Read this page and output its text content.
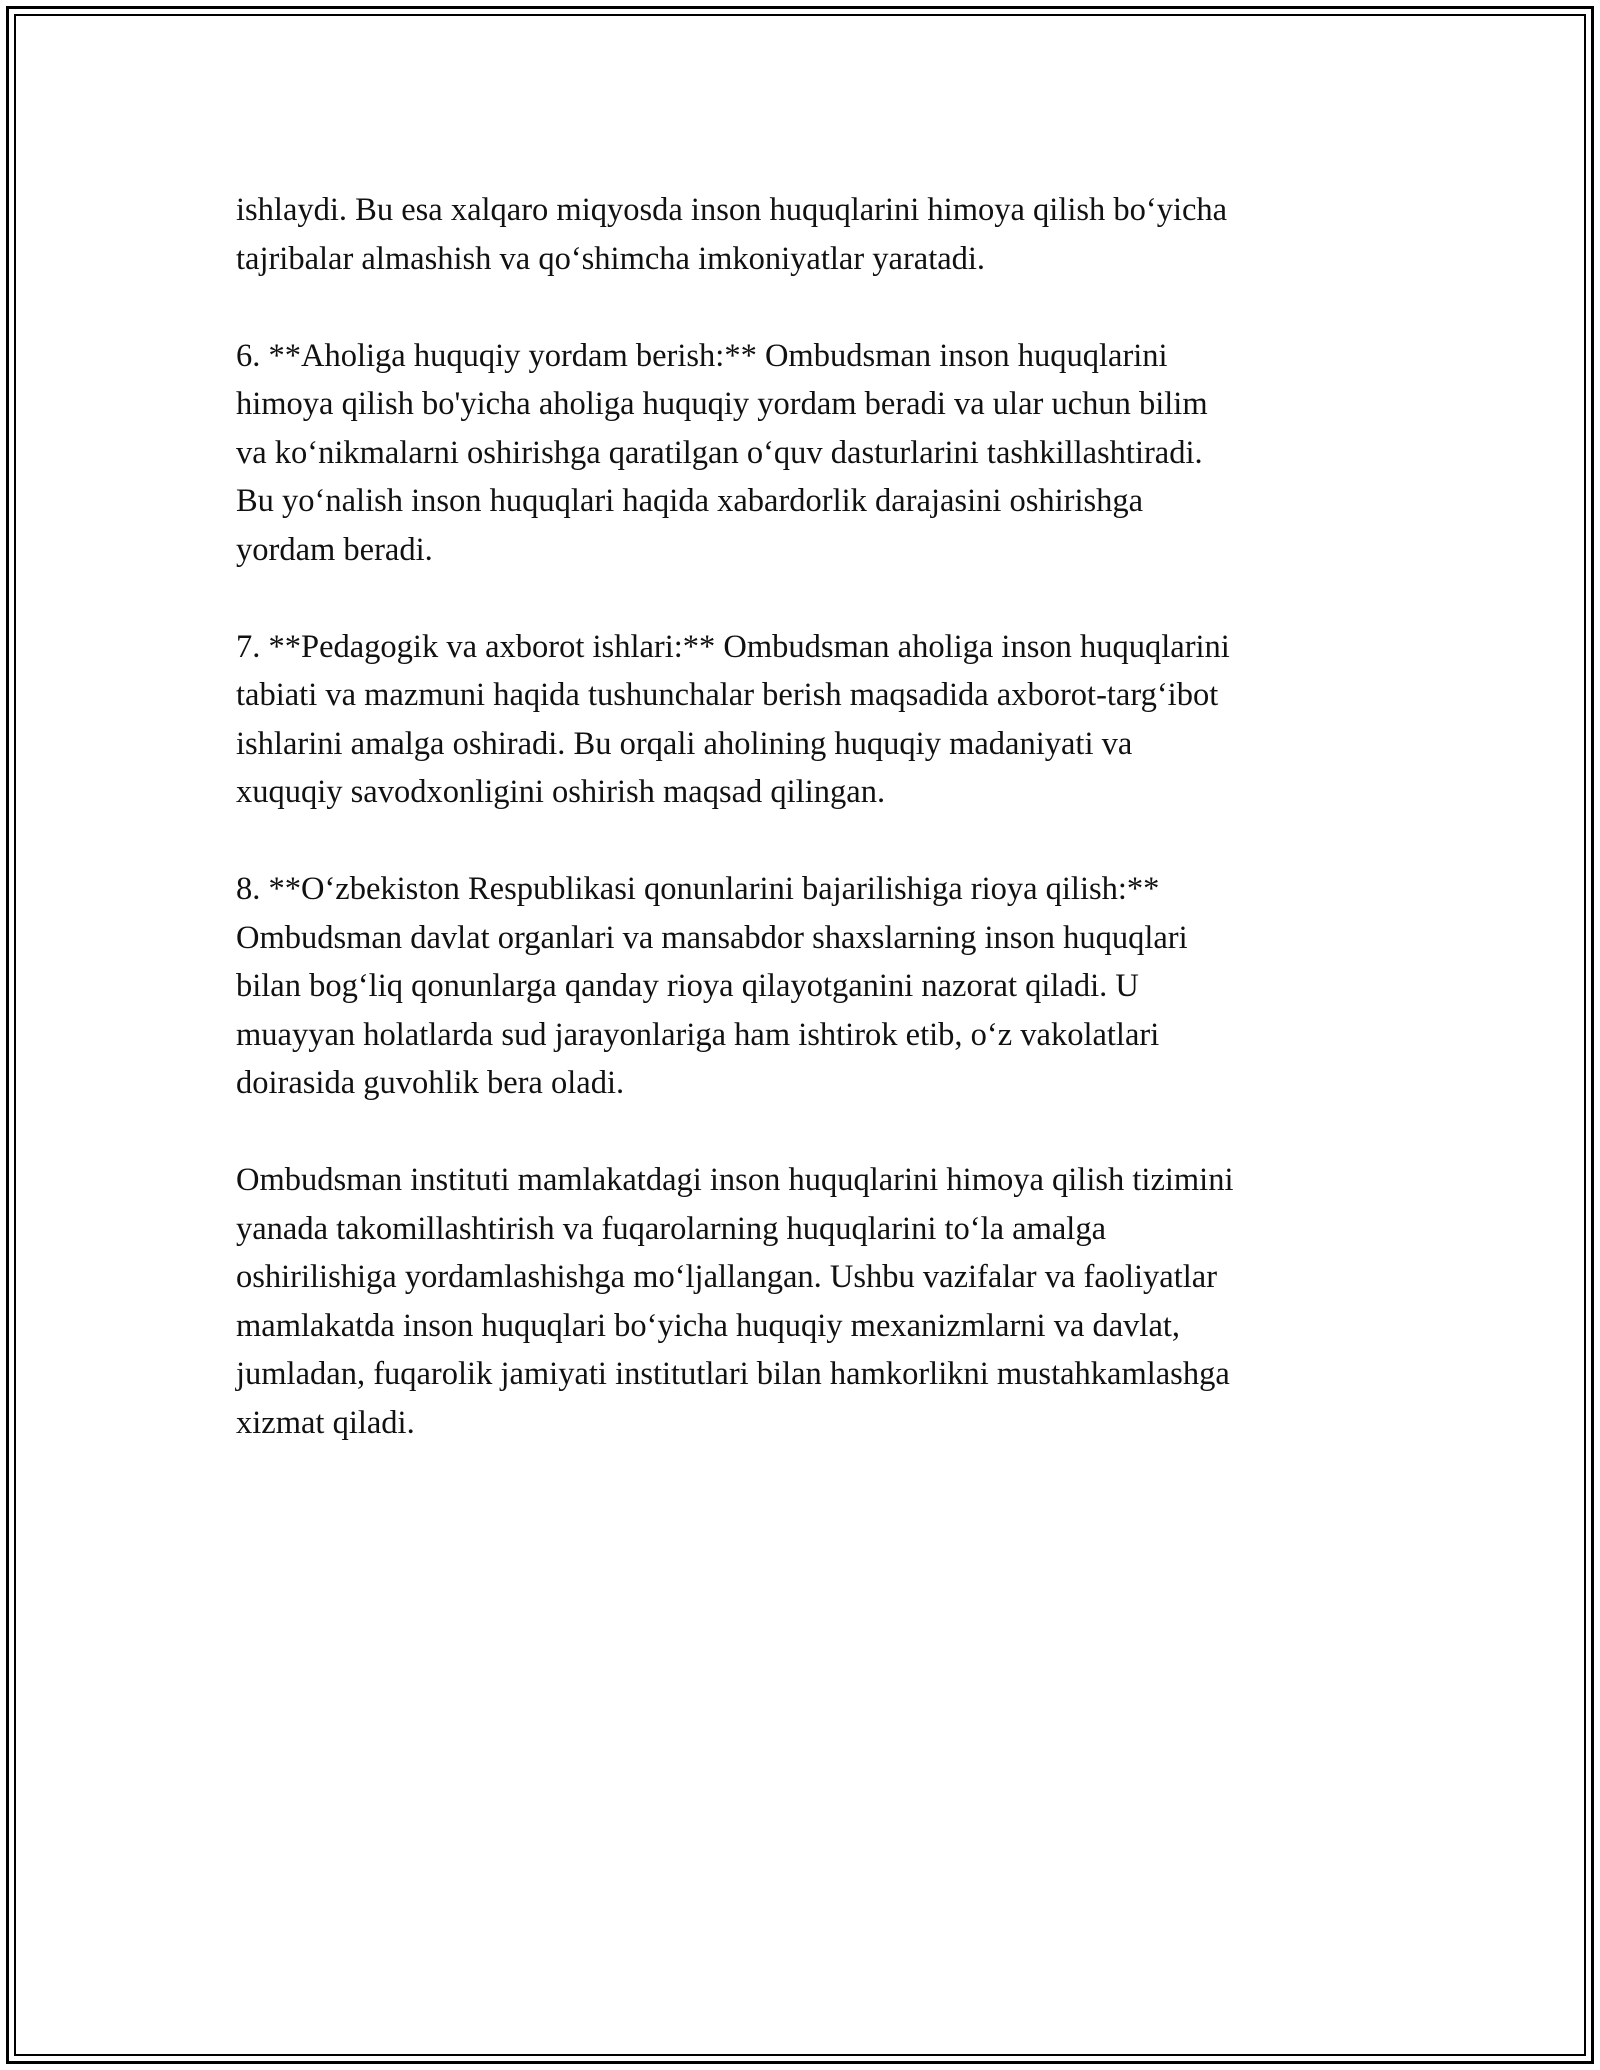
ishlaydi. Bu esa xalqaro miqyosda inson huquqlarini himoya qilish bo‘yicha
tajribalar almashish va qo‘shimcha imkoniyatlar yaratadi.

6. **Aholiga huquqiy yordam berish:** Ombudsman inson huquqlarini
himoya qilish bo'yicha aholiga huquqiy yordam beradi va ular uchun bilim
va ko‘nikmalarni oshirishga qaratilgan o‘quv dasturlarini tashkillashtiradi.
Bu yo‘nalish inson huquqlari haqida xabardorlik darajasini oshirishga
yordam beradi.

7. **Pedagogik va axborot ishlari:** Ombudsman aholiga inson huquqlarini
tabiati va mazmuni haqida tushunchalar berish maqsadida axborot-targ‘ibot
ishlarini amalga oshiradi. Bu orqali aholining huquqiy madaniyati va
xuquqiy savodxonligini oshirish maqsad qilingan.

8. **O‘zbekiston Respublikasi qonunlarini bajarilishiga rioya qilish:**
Ombudsman davlat organlari va mansabdor shaxslarning inson huquqlari
bilan bog‘liq qonunlarga qanday rioya qilayotganini nazorat qiladi. U
muayyan holatlarda sud jarayonlariga ham ishtirok etib, o‘z vakolatlari
doirasida guvohlik bera oladi.

Ombudsman instituti mamlakatdagi inson huquqlarini himoya qilish tizimini
yanada takomillashtirish va fuqarolarning huquqlarini to‘la amalga
oshirilishiga yordamlashishga mo‘ljallangan. Ushbu vazifalar va faoliyatlar
mamlakatda inson huquqlari bo‘yicha huquqiy mexanizmlarni va davlat,
jumladan, fuqarolik jamiyati institutlari bilan hamkorlikni mustahkamlashga
xizmat qiladi.
